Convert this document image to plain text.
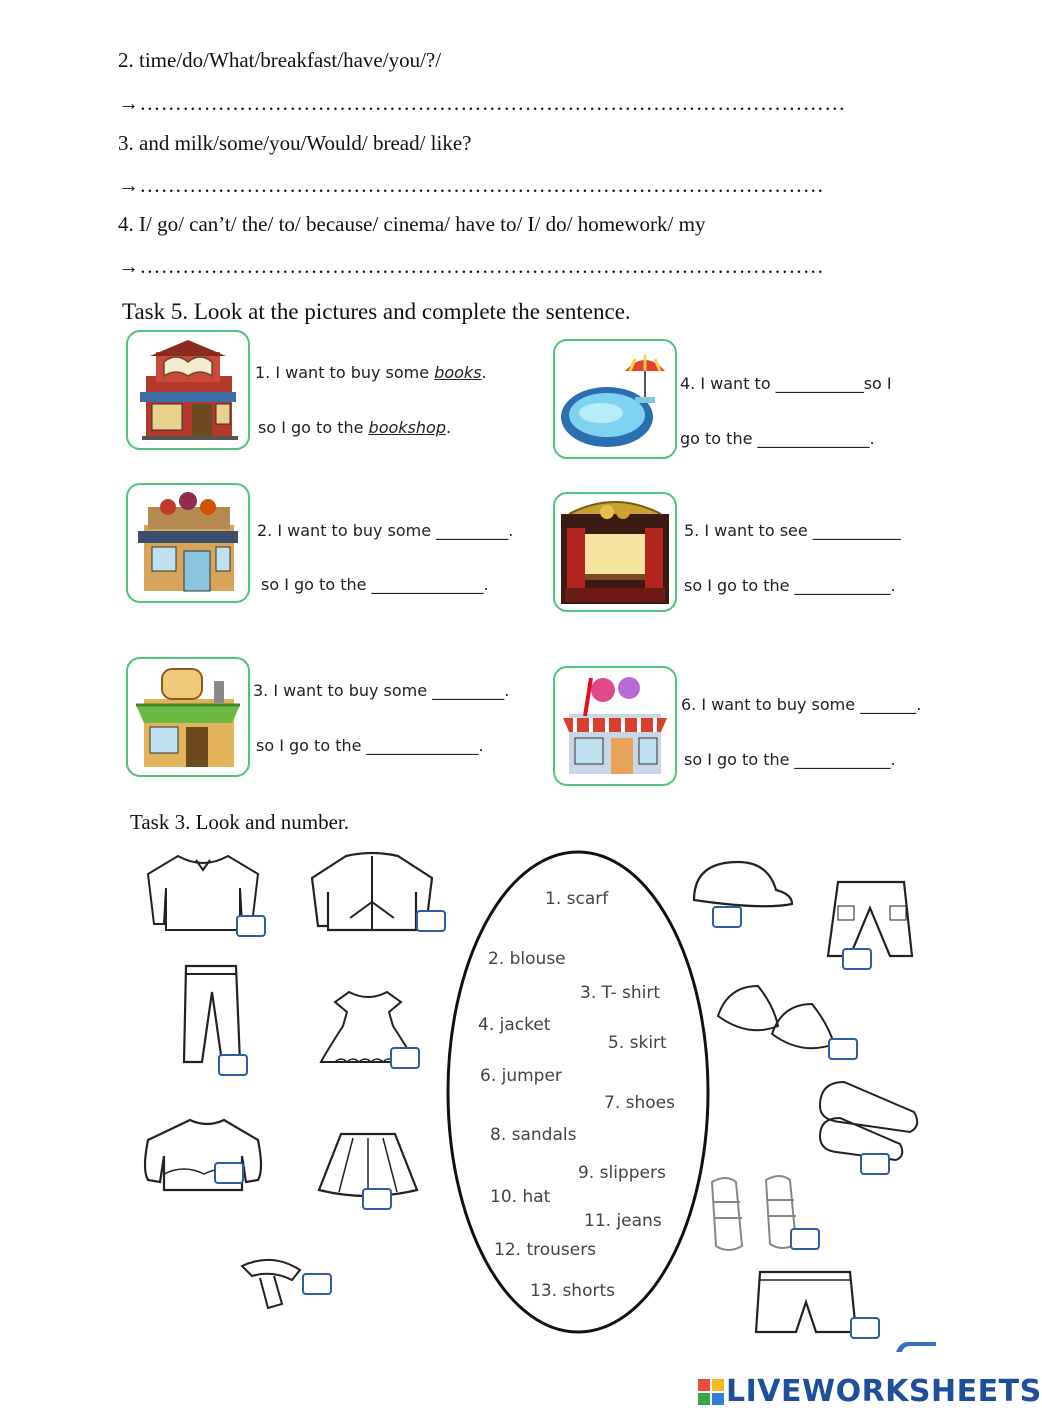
2. time/do/What/breakfast/have/you/?/
→………………………………………………………………………………………
3. and milk/some/you/Would/ bread/ like?
→……………………………………………………………………………………
4. I/ go/ can’t/ the/ to/ because/ cinema/ have to/ I/ do/ homework/ my
→……………………………………………………………………………………
Task 5. Look at the pictures and complete the sentence.
1. I want to buy some books.
so I go to the bookshop.
2. I want to buy some _________.
so I go to the ______________.
3. I want to buy some _________.
so I go to the ______________.
4. I want to ___________so I
go to the ______________.
5. I want to see ___________
so I go to the ____________.
6. I want to buy some _______.
so I go to the ____________.
Task 3. Look and number.
1. scarf
2. blouse
3. T- shirt
4. jacket
5. skirt
6. jumper
7. shoes
8. sandals
9. slippers
10. hat
11. jeans
12. trousers
13. shorts
LIVEWORKSHEETS
